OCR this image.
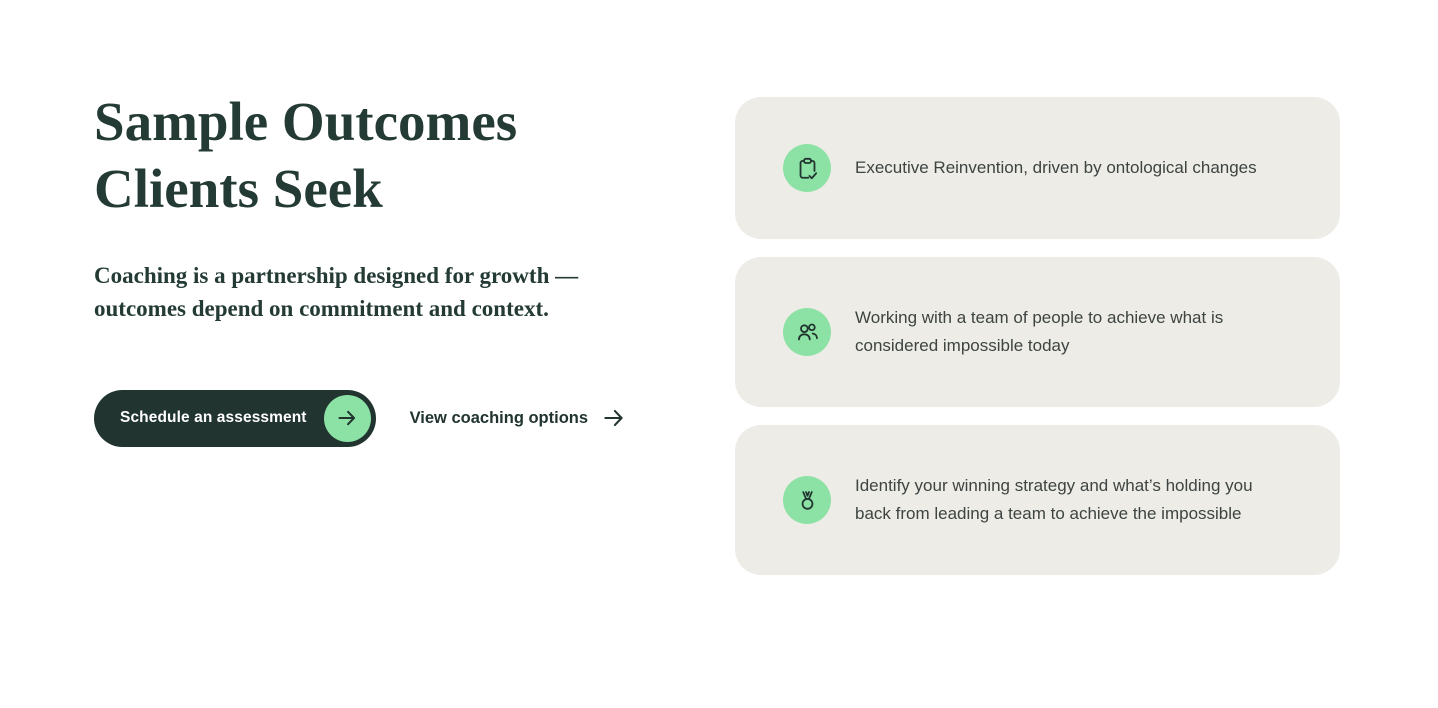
Sample Outcomes Clients Seek
Coaching is a partnership designed for growth — outcomes depend on commitment and context.
Schedule an assessment	View coaching options
Executive Reinvention, driven by ontological changes
Working with a team of people to achieve what is considered impossible today
Identify your winning strategy and what’s holding you back from leading a team to achieve the impossible
